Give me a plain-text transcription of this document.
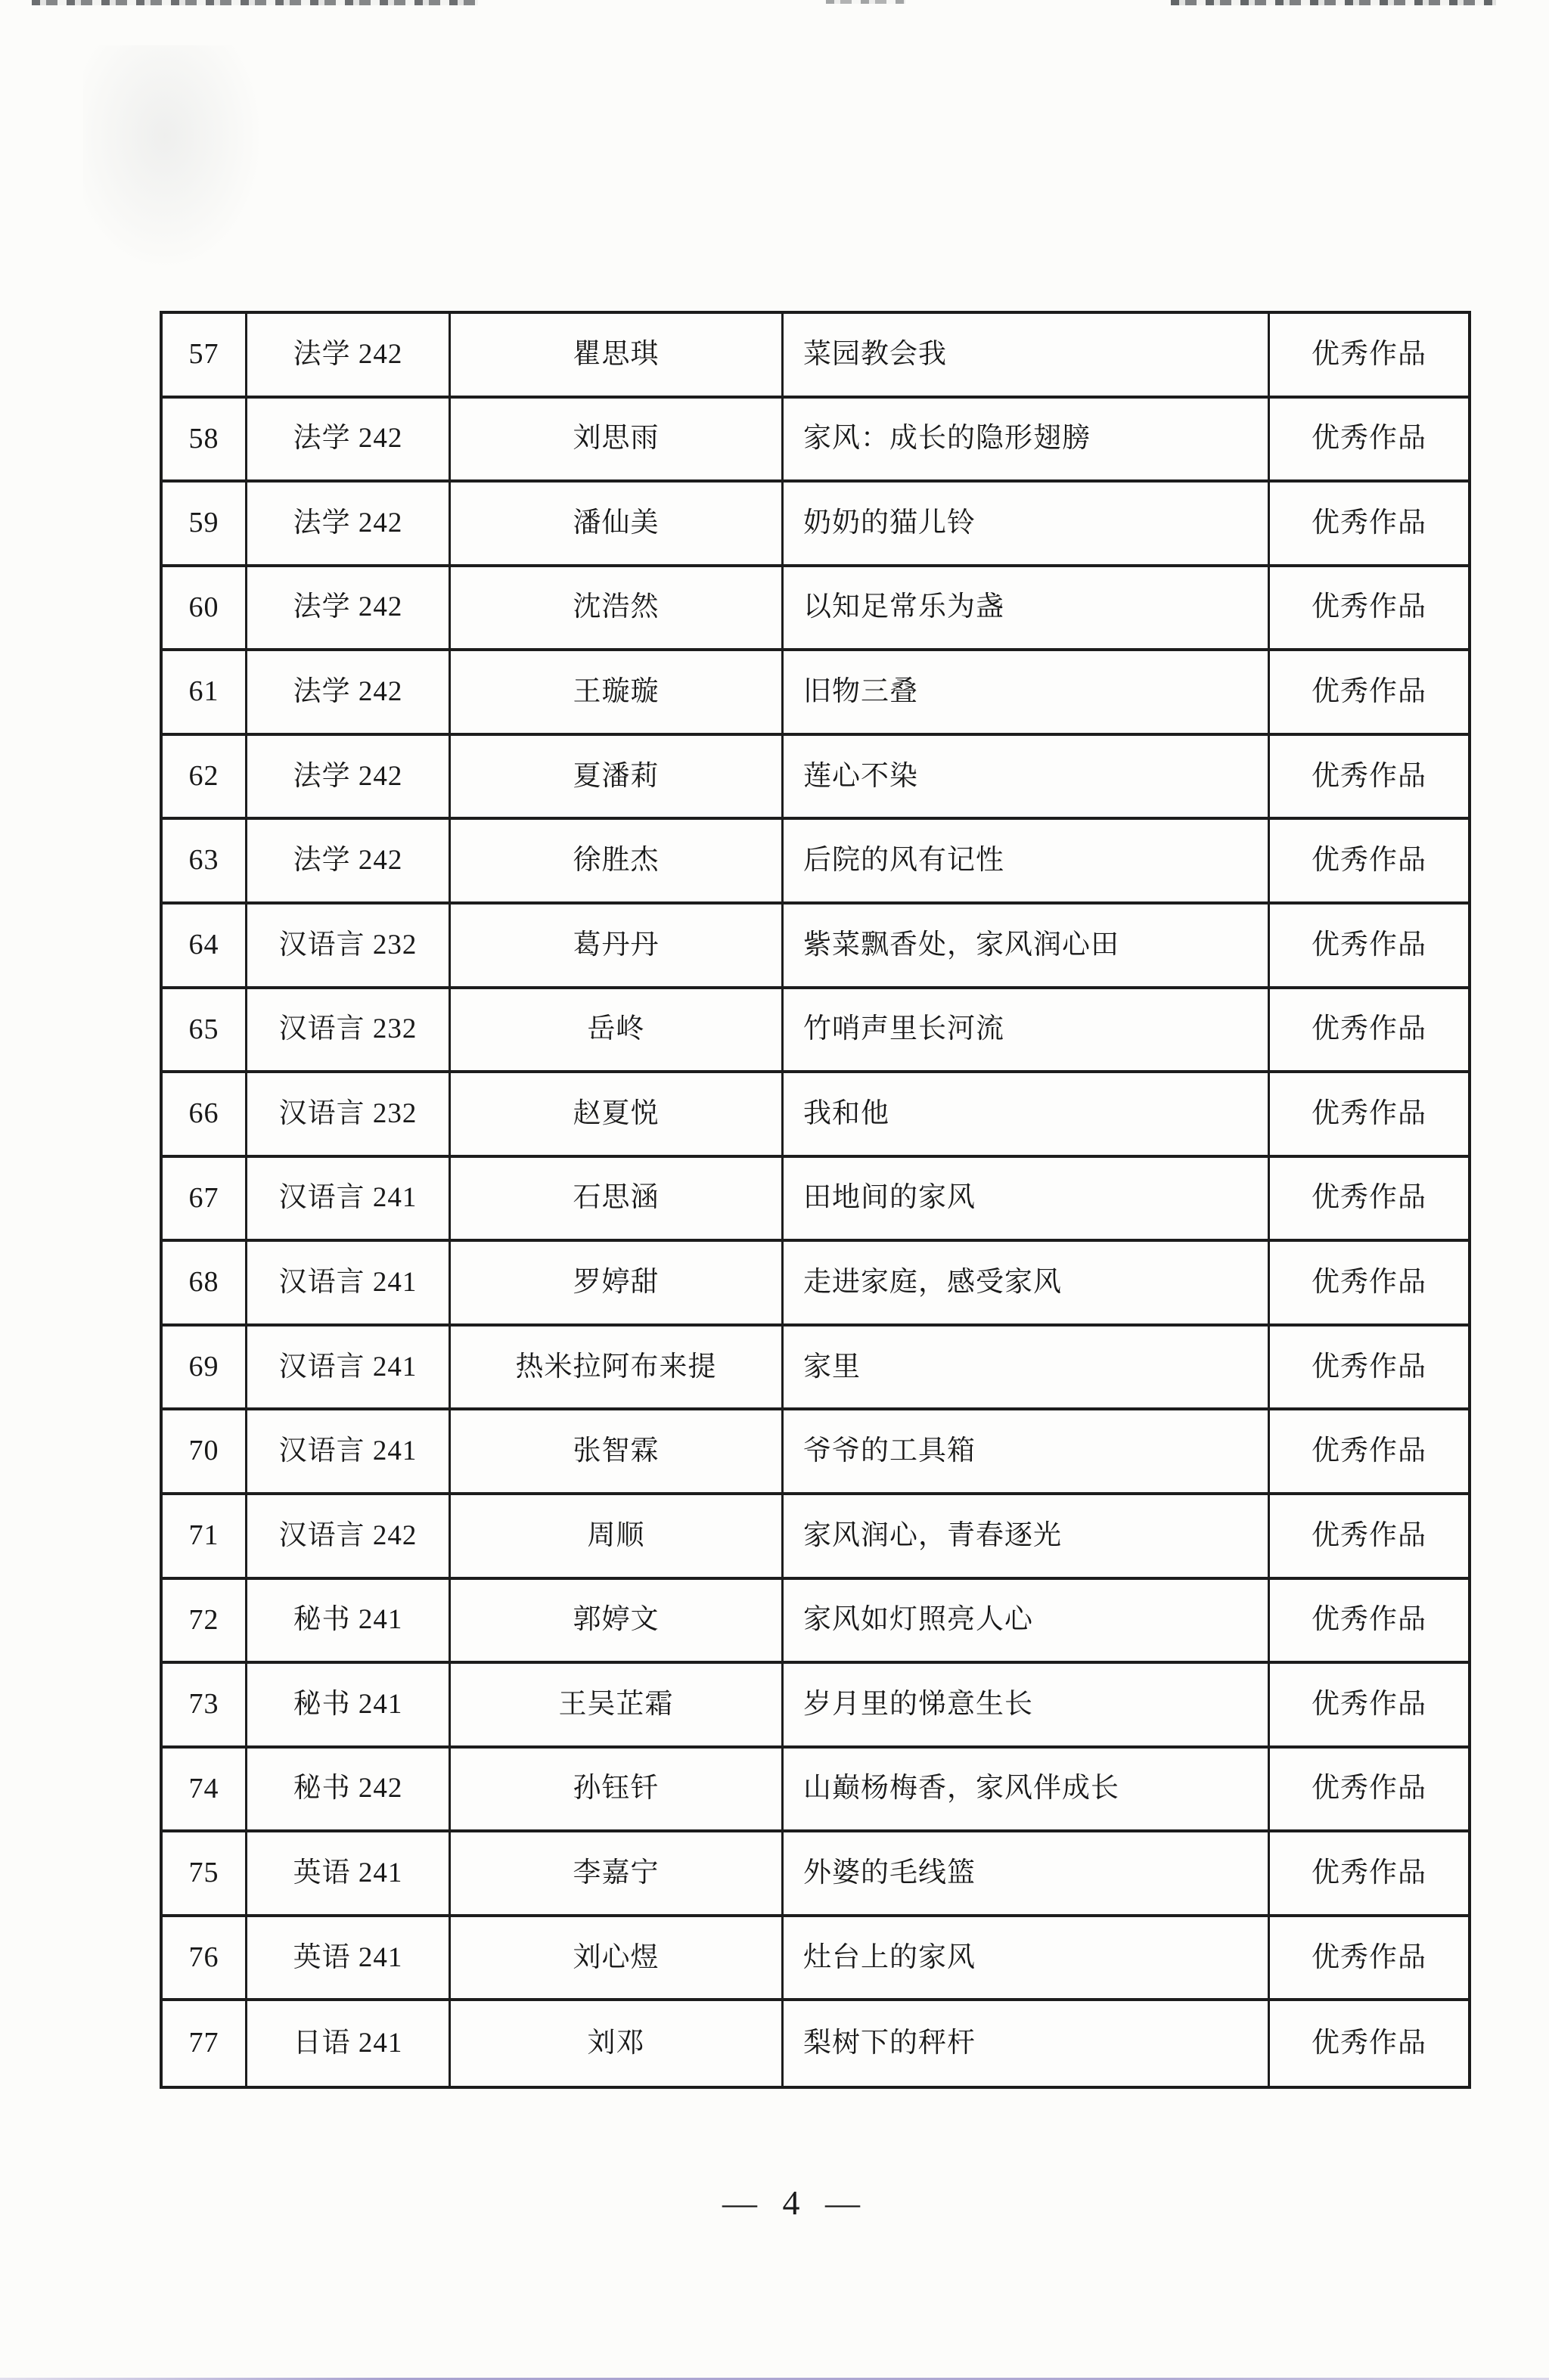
57	法学 242	瞿思琪	菜园教会我	优秀作品
58	法学 242	刘思雨	家风：成长的隐形翅膀	优秀作品
59	法学 242	潘仙美	奶奶的猫儿铃	优秀作品
60	法学 242	沈浩然	以知足常乐为盏	优秀作品
61	法学 242	王璇璇	旧物三叠	优秀作品
62	法学 242	夏潘莉	莲心不染	优秀作品
63	法学 242	徐胜杰	后院的风有记性	优秀作品
64	汉语言 232	葛丹丹	紫菜飘香处，家风润心田	优秀作品
65	汉语言 232	岳峂	竹哨声里长河流	优秀作品
66	汉语言 232	赵夏悦	我和他	优秀作品
67	汉语言 241	石思涵	田地间的家风	优秀作品
68	汉语言 241	罗婷甜	走进家庭，感受家风	优秀作品
69	汉语言 241	热米拉阿布来提	家里	优秀作品
70	汉语言 241	张智霖	爷爷的工具箱	优秀作品
71	汉语言 242	周顺	家风润心，青春逐光	优秀作品
72	秘书 241	郭婷文	家风如灯照亮人心	优秀作品
73	秘书 241	王吴芷霜	岁月里的悌意生长	优秀作品
74	秘书 242	孙钰钎	山巅杨梅香，家风伴成长	优秀作品
75	英语 241	李嘉宁	外婆的毛线篮	优秀作品
76	英语 241	刘心煜	灶台上的家风	优秀作品
77	日语 241	刘邓	梨树下的秤杆	优秀作品
— 4 —
